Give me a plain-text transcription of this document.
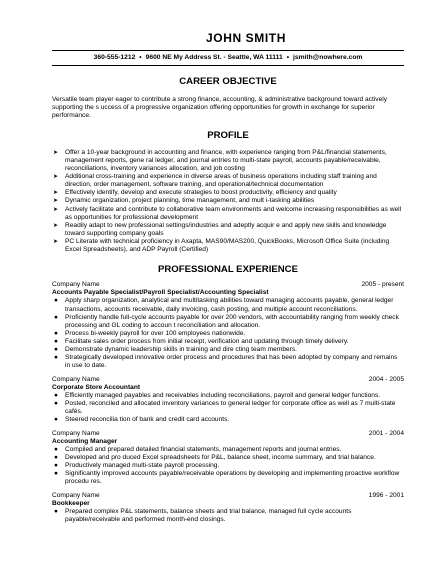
JOHN SMITH
360-555-1212 • 9600 NE My Address St. - Seattle, WA 11111 • jsmith@nowhere.com
CAREER OBJECTIVE

Versatile team player eager to contribute a strong finance, accounting, & administrative background toward actively supporting the s uccess of a progressive organization offering opportunities for growth in exchange for superior performance.

PROFILE
➤ Offer a 10-year background in accounting and finance, with experience ranging from P&L/financial statements, management reports, gene ral ledger, and journal entries to multi-state payroll, accounts payable/receivable, reconciliations, inventory variances allocation, and job costing
➤ Additional cross-training and experience in diverse areas of business operations including staff training and direction, order management, software training, and operational/technical documentation
➤ Effectively identify, develop and execute strategies to boost productivity, efficiency and quality
➤ Dynamic organization, project planning, time management, and mult i-tasking abilities
➤ Actively facilitate and contribute to collaborative team environments and welcome increasing responsibilities as well as opportunities for professional development
➤ Readily adapt to new professional settings/industries and adeptly acquir e and apply new skills and knowledge toward supporting company goals
➤ PC Literate with technical proficiency in Axapta, MAS90/MAS200, QuickBooks, Microsoft Office Suite (including Excel Spreadsheets), and ADP Payroll (Certified)
PROFESSIONAL EXPERIENCE
Company Name	2005 - present
Accounts Payable Specialist/Payroll Specialist/Accounting Specialist
● Apply sharp organization, analytical and multitasking abilities toward managing accounts payable, general ledger transactions, accounts receivable, daily invoicing, cash posting, and multiple account reconciliations.
● Proficiently handle full-cycle accounts payable for over 200 vendors, with accountability ranging from weekly check processing and GL coding to accoun t reconciliation and allocation.
● Process bi-weekly payroll for over 100 employees nationwide.
● Facilitate sales order process from initial receipt, verification and updating through timely delivery.
● Demonstrate dynamic leadership skills in training and dire cting team members.
● Strategically developed innovative order process and procedures that has been adopted by company and remains in use to date.
Company Name	2004 - 2005
Corporate Store Accountant
● Efficiently managed payables and receivables including reconciliations, payroll and general ledger functions.
● Posted, reconciled and allocated inventory variances to general ledger for corporate office as well as 7 multi-state cafés.
● Steered reconcilia tion of bank and credit card accounts.
Company Name	2001 - 2004
Accounting Manager
● Compiled and prepared detailed financial statements, management reports and journal entries.
● Developed and pro duced Excel spreadsheets for P&L, balance sheet, income summary, and trial balance.
● Productively managed multi-state payroll processing.
● Significantly improved accounts payable/receivable operations by developing and implementing proactive workflow procedu res.
Company Name	1996 - 2001
Bookkeeper
● Prepared complex P&L statements, balance sheets and trial balance, managed full cycle accounts payable/receivable and performed month-end closings.
